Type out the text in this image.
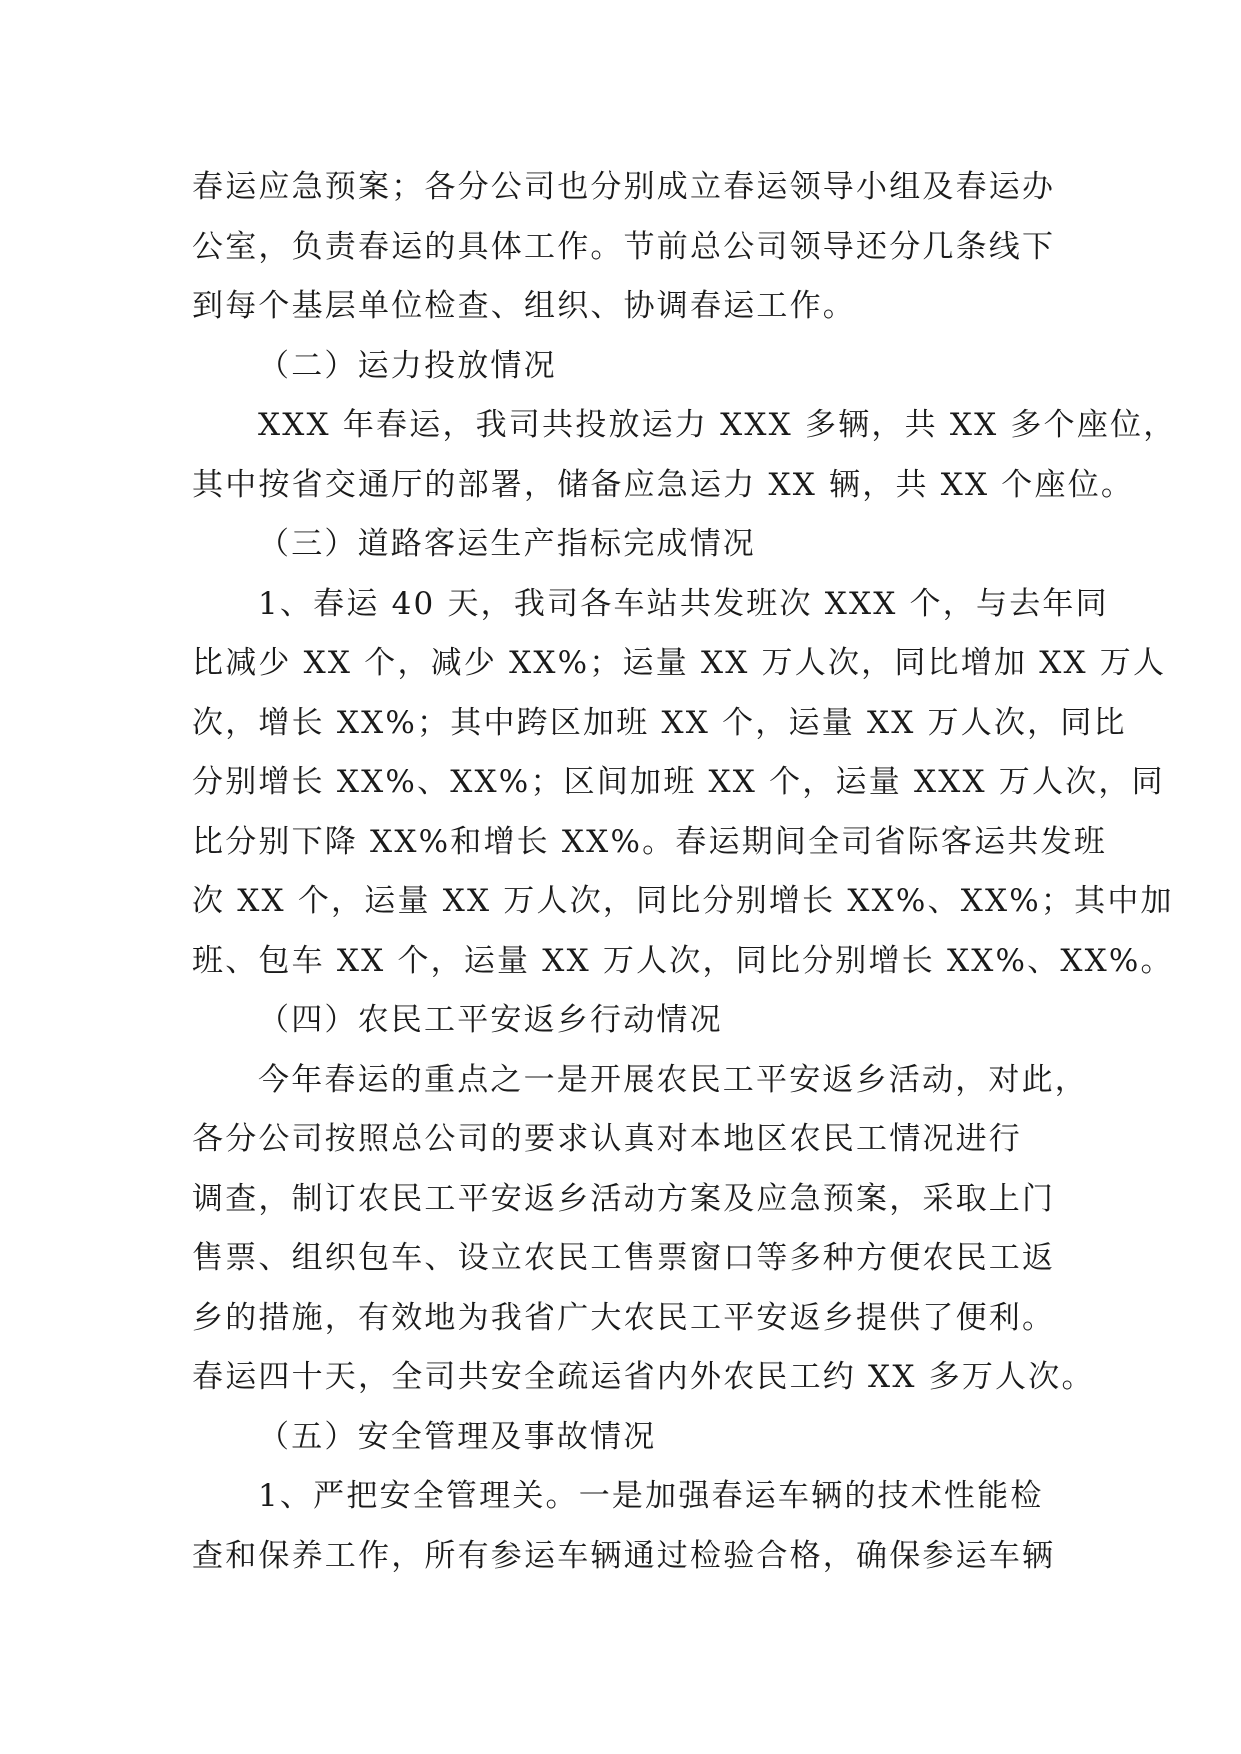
春运应急预案；各分公司也分别成立春运领导小组及春运办
公室，负责春运的具体工作。节前总公司领导还分几条线下
到每个基层单位检查、组织、协调春运工作。
（二）运力投放情况
XXX 年春运，我司共投放运力 XXX 多辆，共 XX 多个座位，
其中按省交通厅的部署，储备应急运力 XX 辆，共 XX 个座位。
（三）道路客运生产指标完成情况
1、春运 40 天，我司各车站共发班次 XXX 个，与去年同
比减少 XX 个，减少 XX%；运量 XX 万人次，同比增加 XX 万人
次，增长 XX%；其中跨区加班 XX 个，运量 XX 万人次，同比
分别增长 XX%、XX%；区间加班 XX 个，运量 XXX 万人次，同
比分别下降 XX%和增长 XX%。春运期间全司省际客运共发班
次 XX 个，运量 XX 万人次，同比分别增长 XX%、XX%；其中加
班、包车 XX 个，运量 XX 万人次，同比分别增长 XX%、XX%。
（四）农民工平安返乡行动情况
今年春运的重点之一是开展农民工平安返乡活动，对此，
各分公司按照总公司的要求认真对本地区农民工情况进行
调查，制订农民工平安返乡活动方案及应急预案，采取上门
售票、组织包车、设立农民工售票窗口等多种方便农民工返
乡的措施，有效地为我省广大农民工平安返乡提供了便利。
春运四十天，全司共安全疏运省内外农民工约 XX 多万人次。
（五）安全管理及事故情况
1、严把安全管理关。一是加强春运车辆的技术性能检
查和保养工作，所有参运车辆通过检验合格，确保参运车辆
